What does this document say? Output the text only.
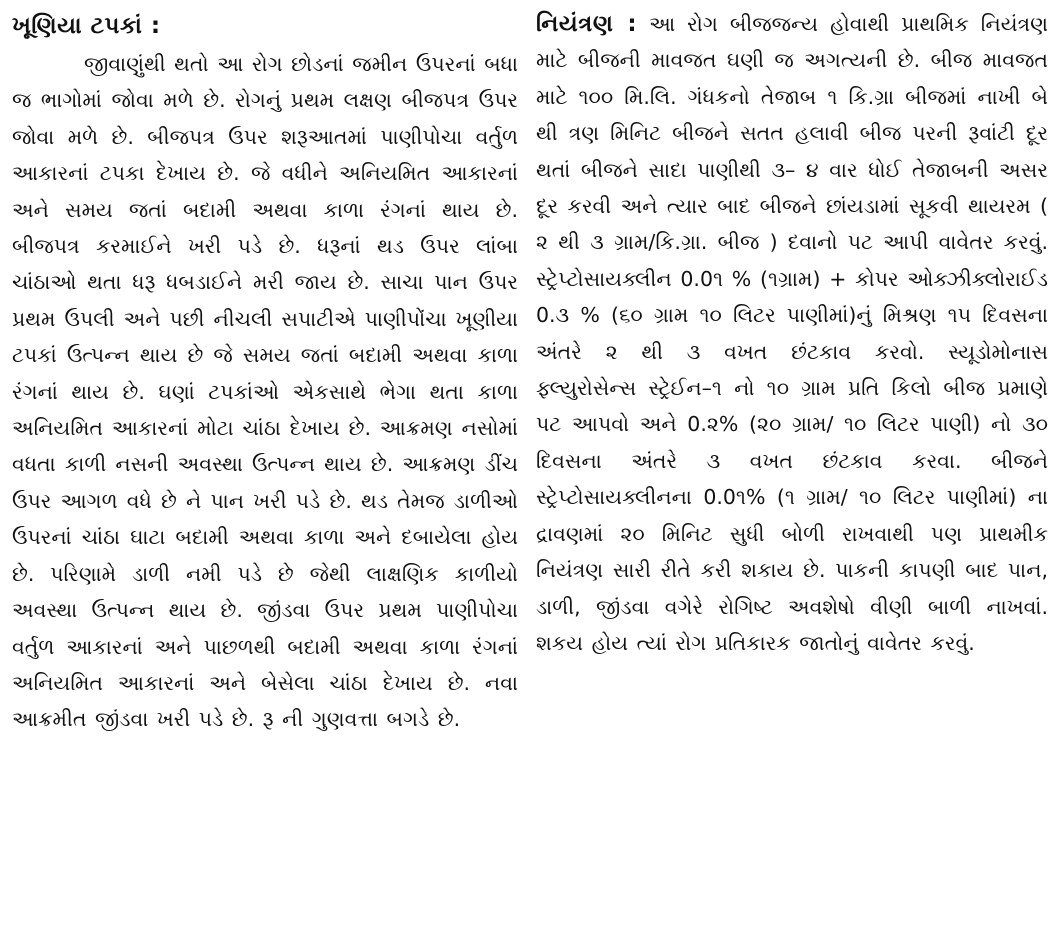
ખૂણિયા ટપકાં :

જીવાણુંથી થતો આ રોગ છોડનાં જમીન ઉપરનાં બધા જ ભાગોમાં જોવા મળે છે. રોગનું પ્રથમ લક્ષણ બીજપત્ર ઉપર જોવા મળે છે. બીજપત્ર ઉપર શરૂઆતમાં પાણીપોચા વર્તુળ આકારનાં ટપકા દેખાય છે. જે વધીને અનિયમિત આકારનાં અને સમય જતાં બદામી અથવા કાળા રંગનાં થાય છે. બીજપત્ર કરમાઈને ખરી પડે છે. ધરૂનાં થડ ઉપર લાંબા ચાંઠાઓ થતા ધરૂ ધબડાઈને મરી જાય છે. સાચા પાન ઉપર પ્રથમ ઉપલી અને પછી નીચલી સપાટીએ પાણીપોંચા ખૂણીયા ટપકાં ઉત્પન્ન થાય છે જે સમય જતાં બદામી અથવા કાળા રંગનાં થાય છે. ઘણાં ટપકાંઓ એકસાથે ભેગા થતા કાળા અનિયમિત આકારનાં મોટા ચાંઠા દેખાય છે. આક્રમણ નસોમાં વધતા કાળી નસની અવસ્થા ઉત્પન્ન થાય છે. આક્રમણ ડીંચ ઉપર આગળ વધે છે ને પાન ખરી પડે છે. થડ તેમજ ડાળીઓ ઉપરનાં ચાંઠા ઘાટા બદામી અથવા કાળા અને દબાયેલા હોય છે. પરિણામે ડાળી નમી પડે છે જેથી લાક્ષણિક કાળીયો અવસ્થા ઉત્પન્ન થાય છે. જીંડવા ઉપર પ્રથમ પાણીપોચા વર્તુળ આકારનાં અને પાછળથી બદામી અથવા કાળા રંગનાં અનિયમિત આકારનાં અને બેસેલા ચાંઠા દેખાય છે. નવા આક્રમીત જીંડવા ખરી પડે છે. રૂ ની ગુણવત્તા બગડે છે.

નિયંત્રણ : આ રોગ બીજજન્ય હોવાથી પ્રાથમિક નિયંત્રણ માટે બીજની માવજત ઘણી જ અગત્યની છે. બીજ માવજત માટે ૧૦૦ મિ.લિ. ગંધકનો તેજાબ ૧ કિ.ગ્રા બીજમાં નાખી બે થી ત્રણ મિનિટ બીજને સતત હલાવી બીજ પરની રૂવાંટી દૂર થતાં બીજને સાદા પાણીથી ૩– ૪ વાર ધોઈ તેજાબની અસર દૂર કરવી અને ત્યાર બાદ બીજને છાંયડામાં સૂકવી થાયરમ ( ૨ થી ૩ ગ્રામ/કિ.ગ્રા. બીજ ) દવાનો પટ આપી વાવેતર કરવું. સ્ટ્રેપ્ટોસાયક્લીન 0.0૧ % (૧ગ્રામ) + કોપર ઓક્ઝીક્લોરાઈડ 0.૩ % (૬૦ ગ્રામ ૧૦ લિટર પાણીમાં)નું મિશ્રણ ૧૫ દિવસના અંતરે ૨ થી ૩ વખત છંટકાવ કરવો. સ્યૂડોમોનાસ ફ્લ્યુરોસેન્સ સ્ટ્રેઈન–૧ નો ૧૦ ગ્રામ પ્રતિ કિલો બીજ પ્રમાણે પટ આપવો અને 0.૨% (૨૦ ગ્રામ/ ૧૦ લિટર પાણી) નો ૩૦ દિવસના અંતરે ૩ વખત છંટકાવ કરવા. બીજને સ્ટ્રેપ્ટોસાયક્લીનના 0.0૧% (૧ ગ્રામ/ ૧૦ લિટર પાણીમાં) ના દ્રાવણમાં ૨૦ મિનિટ સુધી બોળી રાખવાથી પણ પ્રાથમીક નિયંત્રણ સારી રીતે કરી શકાય છે. પાકની કાપણી બાદ પાન, ડાળી, જીંડવા વગેરે રોગિષ્ટ અવશેષો વીણી બાળી નાખવાં. શકય હોય ત્યાં રોગ પ્રતિકારક જાતોનું વાવેતર કરવું.
